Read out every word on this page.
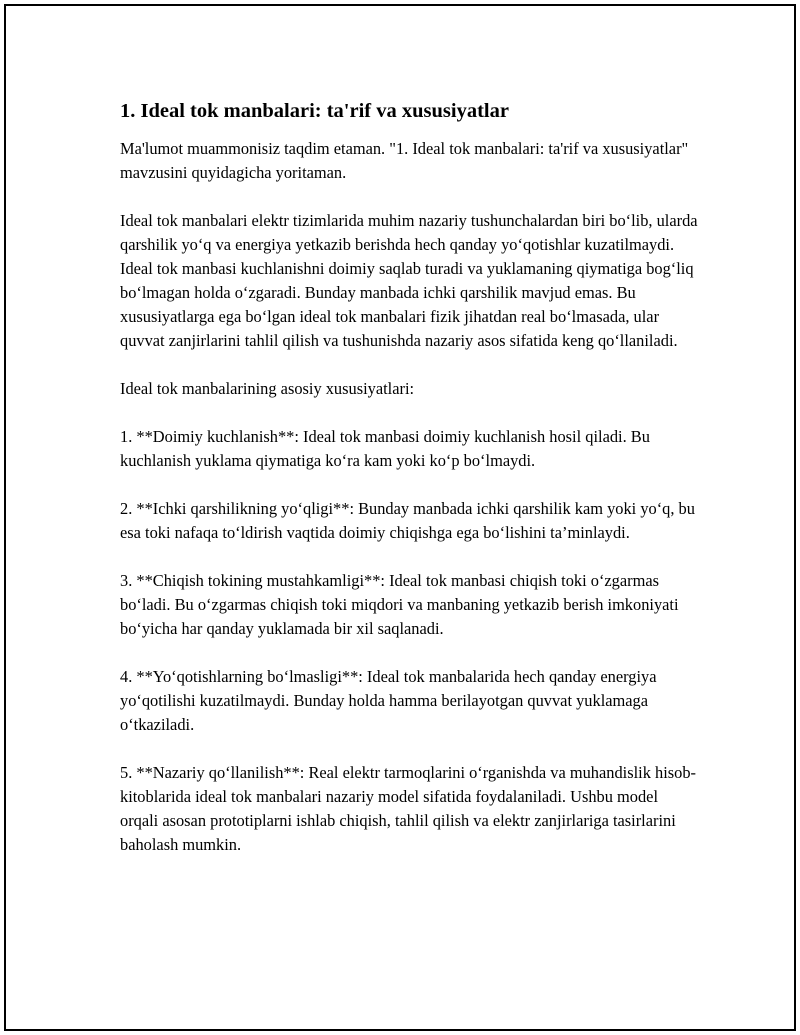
1. Ideal tok manbalari: ta'rif va xususiyatlar

Ma'lumot muammonisiz taqdim etaman. "1. Ideal tok manbalari: ta'rif va xususiyatlar" mavzusini quyidagicha yoritaman.

Ideal tok manbalari elektr tizimlarida muhim nazariy tushunchalardan biri bo‘lib, ularda qarshilik yo‘q va energiya yetkazib berishda hech qanday yo‘qotishlar kuzatilmaydi. Ideal tok manbasi kuchlanishni doimiy saqlab turadi va yuklamaning qiymatiga bog‘liq bo‘lmagan holda o‘zgaradi. Bunday manbada ichki qarshilik mavjud emas. Bu xususiyatlarga ega bo‘lgan ideal tok manbalari fizik jihatdan real bo‘lmasada, ular quvvat zanjirlarini tahlil qilish va tushunishda nazariy asos sifatida keng qo‘llaniladi.

Ideal tok manbalarining asosiy xususiyatlari:

1. **Doimiy kuchlanish**: Ideal tok manbasi doimiy kuchlanish hosil qiladi. Bu kuchlanish yuklama qiymatiga ko‘ra kam yoki ko‘p bo‘lmaydi.

2. **Ichki qarshilikning yo‘qligi**: Bunday manbada ichki qarshilik kam yoki yo‘q, bu esa toki nafaqa to‘ldirish vaqtida doimiy chiqishga ega bo‘lishini ta’minlaydi.

3. **Chiqish tokining mustahkamligi**: Ideal tok manbasi chiqish toki o‘zgarmas bo‘ladi. Bu o‘zgarmas chiqish toki miqdori va manbaning yetkazib berish imkoniyati bo‘yicha har qanday yuklamada bir xil saqlanadi.

4. **Yo‘qotishlarning bo‘lmasligi**: Ideal tok manbalarida hech qanday energiya yo‘qotilishi kuzatilmaydi. Bunday holda hamma berilayotgan quvvat yuklamaga o‘tkaziladi.

5. **Nazariy qo‘llanilish**: Real elektr tarmoqlarini o‘rganishda va muhandislik hisob-kitoblarida ideal tok manbalari nazariy model sifatida foydalaniladi. Ushbu model orqali asosan prototiplarni ishlab chiqish, tahlil qilish va elektr zanjirlariga tasirlarini baholash mumkin.
